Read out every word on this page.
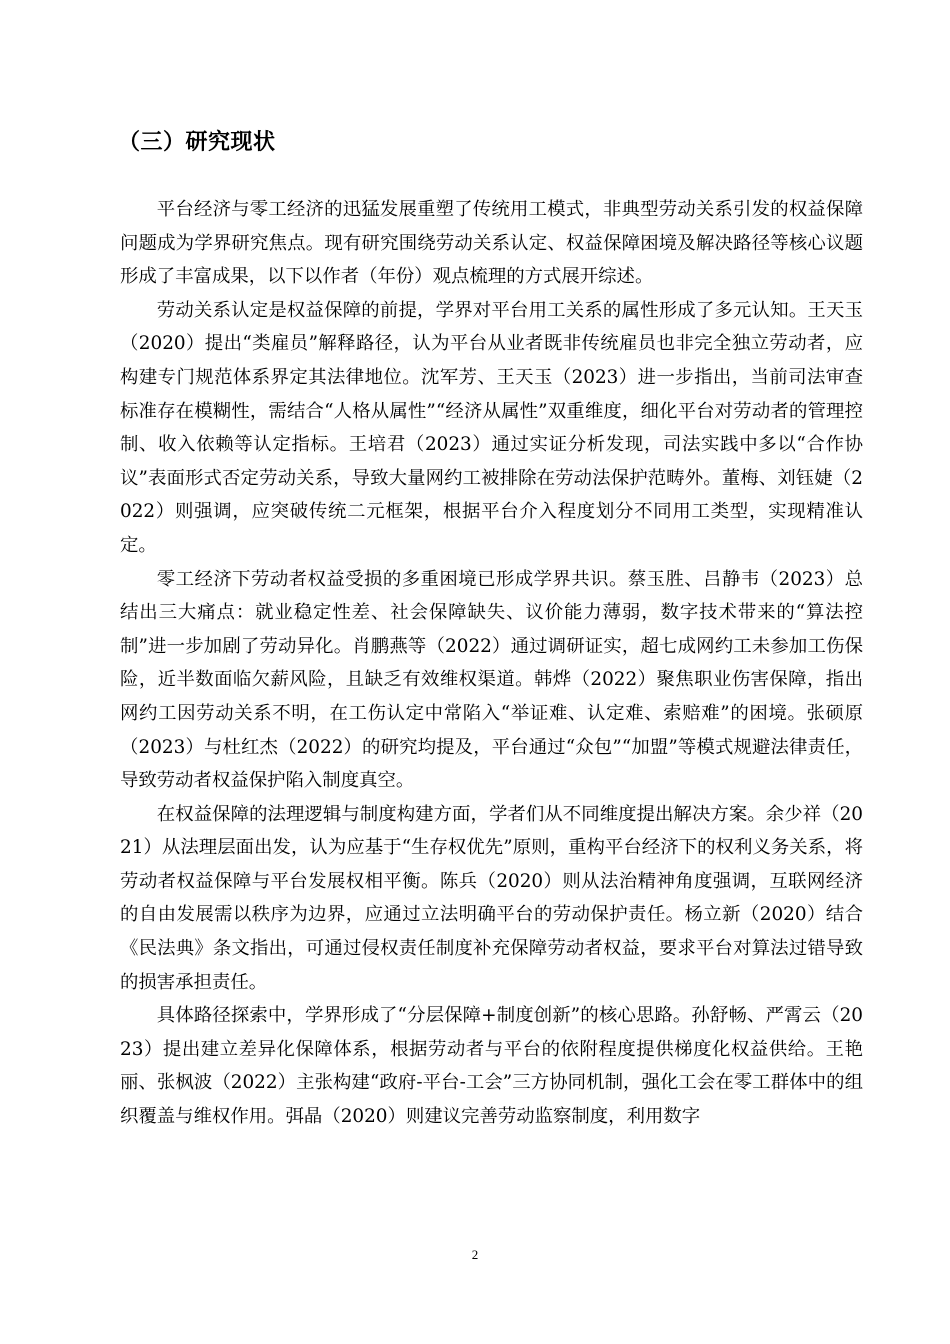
（三）研究现状

平台经济与零工经济的迅猛发展重塑了传统用工模式，非典型劳动关系引发的权益保障问题成为学界研究焦点。现有研究围绕劳动关系认定、权益保障困境及解决路径等核心议题形成了丰富成果，以下以作者（年份）观点梳理的方式展开综述。

劳动关系认定是权益保障的前提，学界对平台用工关系的属性形成了多元认知。王天玉（2020）提出“类雇员”解释路径，认为平台从业者既非传统雇员也非完全独立劳动者，应构建专门规范体系界定其法律地位。沈军芳、王天玉（2023）进一步指出，当前司法审查标准存在模糊性，需结合“人格从属性”“经济从属性”双重维度，细化平台对劳动者的管理控制、收入依赖等认定指标。王培君（2023）通过实证分析发现，司法实践中多以“合作协议”表面形式否定劳动关系，导致大量网约工被排除在劳动法保护范畴外。董梅、刘钰婕（2022）则强调，应突破传统二元框架，根据平台介入程度划分不同用工类型，实现精准认定。

零工经济下劳动者权益受损的多重困境已形成学界共识。蔡玉胜、吕静韦（2023）总结出三大痛点：就业稳定性差、社会保障缺失、议价能力薄弱，数字技术带来的“算法控制”进一步加剧了劳动异化。肖鹏燕等（2022）通过调研证实，超七成网约工未参加工伤保险，近半数面临欠薪风险，且缺乏有效维权渠道。韩烨（2022）聚焦职业伤害保障，指出网约工因劳动关系不明，在工伤认定中常陷入“举证难、认定难、索赔难”的困境。张硕原（2023）与杜红杰（2022）的研究均提及，平台通过“众包”“加盟”等模式规避法律责任，导致劳动者权益保护陷入制度真空。

在权益保障的法理逻辑与制度构建方面，学者们从不同维度提出解决方案。余少祥（2021）从法理层面出发，认为应基于“生存权优先”原则，重构平台经济下的权利义务关系，将劳动者权益保障与平台发展权相平衡。陈兵（2020）则从法治精神角度强调，互联网经济的自由发展需以秩序为边界，应通过立法明确平台的劳动保护责任。杨立新（2020）结合《民法典》条文指出，可通过侵权责任制度补充保障劳动者权益，要求平台对算法过错导致的损害承担责任。

具体路径探索中，学界形成了“分层保障+制度创新”的核心思路。孙舒畅、严霄云（2023）提出建立差异化保障体系，根据劳动者与平台的依附程度提供梯度化权益供给。王艳丽、张枫波（2022）主张构建“政府-平台-工会”三方协同机制，强化工会在零工群体中的组织覆盖与维权作用。弭晶（2020）则建议完善劳动监察制度，利用数字

2
